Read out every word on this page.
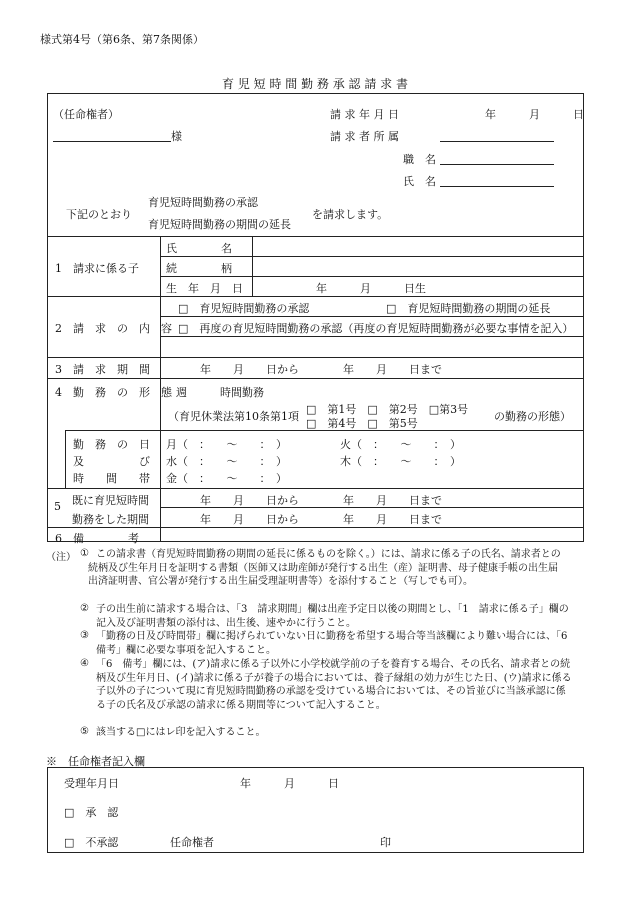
様式第4号（第6条、第7条関係）
育 児 短 時 間 勤 務 承 認 請 求 書
（任命権者）	請 求 年 月 日	年　　　月　　　日
様	請 求 者 所 属
職　名
氏　名
下記のとおり
育児短時間勤務の承認
育児短時間勤務の期間の延長
を請求します。
1　請求に係る子
氏　　　　名
続　　　　柄
生　年　月　日	年　　　月　　　日生
2　請　求　の　内　容
□　育児短時間勤務の承認	□　育児短時間勤務の期間の延長
□　再度の育児短時間勤務の承認（再度の育児短時間勤務が必要な事情を記入）
3　請　求　期　間	年　　月　　日から　　　　年　　月　　日まで
4　勤　務　の　形　態 週　　　時間勤務
（育児休業法第10条第1項
□　第1号　□　第2号　□第3号
□　第4号　□　第5号
の勤務の形態）
勤　務　の　日
及　　　　　び
時　　間　　帯
月（　：　　～　　：　）	火（　：　　～　　：　）
水（　：　　～　　：　）	木（　：　　～　　：　）
金（　：　　～　　：　）
5 既に育児短時間
勤務をした期間
年　　月　　日から　　　　年　　月　　日まで
年　　月　　日から　　　　年　　月　　日まで
6　備　　　　考
（注） ① この請求書（育児短時間勤務の期間の延長に係るものを除く。）には、請求に係る子の氏名、請求者との続柄及び生年月日を証明する書類（医師又は助産師が発行する出生（産）証明書、母子健康手帳の出生届出済証明書、官公署が発行する出生届受理証明書等）を添付すること（写しでも可）。
② 子の出生前に請求する場合は、「3　請求期間」欄は出産予定日以後の期間とし、「1　請求に係る子」欄の記入及び証明書類の添付は、出生後、速やかに行うこと。
③ 「勤務の日及び時間帯」欄に掲げられていない日に勤務を希望する場合等当該欄により難い場合には、「6　備考」欄に必要な事項を記入すること。
④ 「6　備考」欄には、(ア)請求に係る子以外に小学校就学前の子を養育する場合、その氏名、請求者との続柄及び生年月日、(イ)請求に係る子が養子の場合においては、養子縁組の効力が生じた日、(ウ)請求に係る子以外の子について現に育児短時間勤務の承認を受けている場合においては、その旨並びに当該承認に係る子の氏名及び承認の請求に係る期間等について記入すること。
⑤ 該当する□にはレ印を記入すること。
※　任命権者記入欄
受理年月日	年　　　月　　　日
□　承　認
□　不承認	任命権者	印
